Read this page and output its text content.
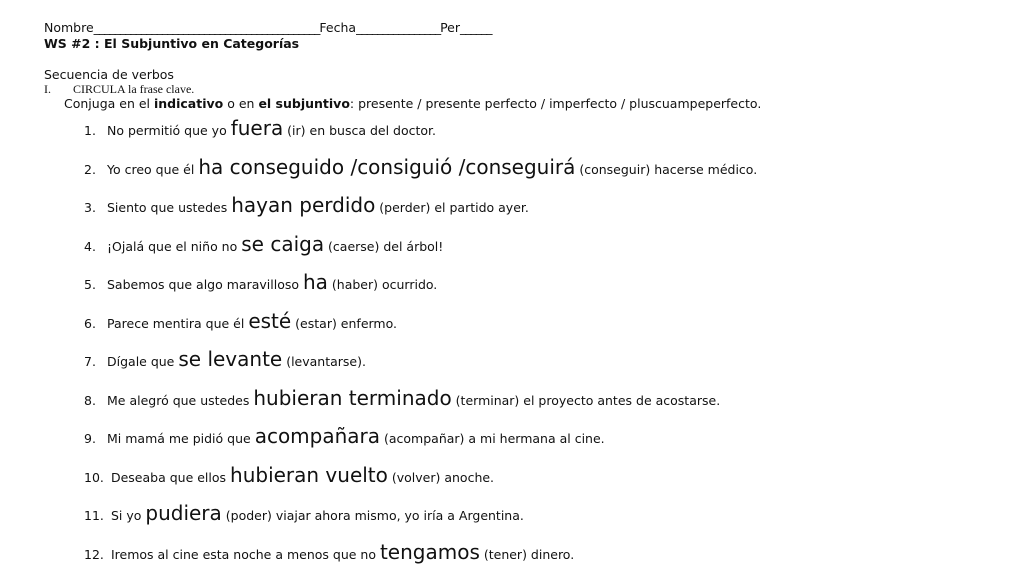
Nombre___________________________________________Fecha________________Per______
WS #2 : El Subjuntivo en Categorías
Secuencia de verbos
I. CIRCULA la frase clave.
Conjuga en el indicativo o en el subjuntivo: presente / presente perfecto / imperfecto / pluscuampeperfecto.
1. No permitió que yo fuera (ir) en busca del doctor.
2. Yo creo que él ha conseguido /consiguió /conseguirá (conseguir) hacerse médico.
3. Siento que ustedes hayan perdido (perder) el partido ayer.
4. ¡Ojalá que el niño no se caiga (caerse) del árbol!
5. Sabemos que algo maravilloso ha (haber) ocurrido.
6. Parece mentira que él esté (estar) enfermo.
7. Dígale que se levante (levantarse).
8. Me alegró que ustedes hubieran terminado (terminar) el proyecto antes de acostarse.
9. Mi mamá me pidió que acompañara (acompañar) a mi hermana al cine.
10. Deseaba que ellos hubieran vuelto (volver) anoche.
11. Si yo pudiera (poder) viajar ahora mismo, yo iría a Argentina.
12. Iremos al cine esta noche a menos que no tengamos (tener) dinero.
